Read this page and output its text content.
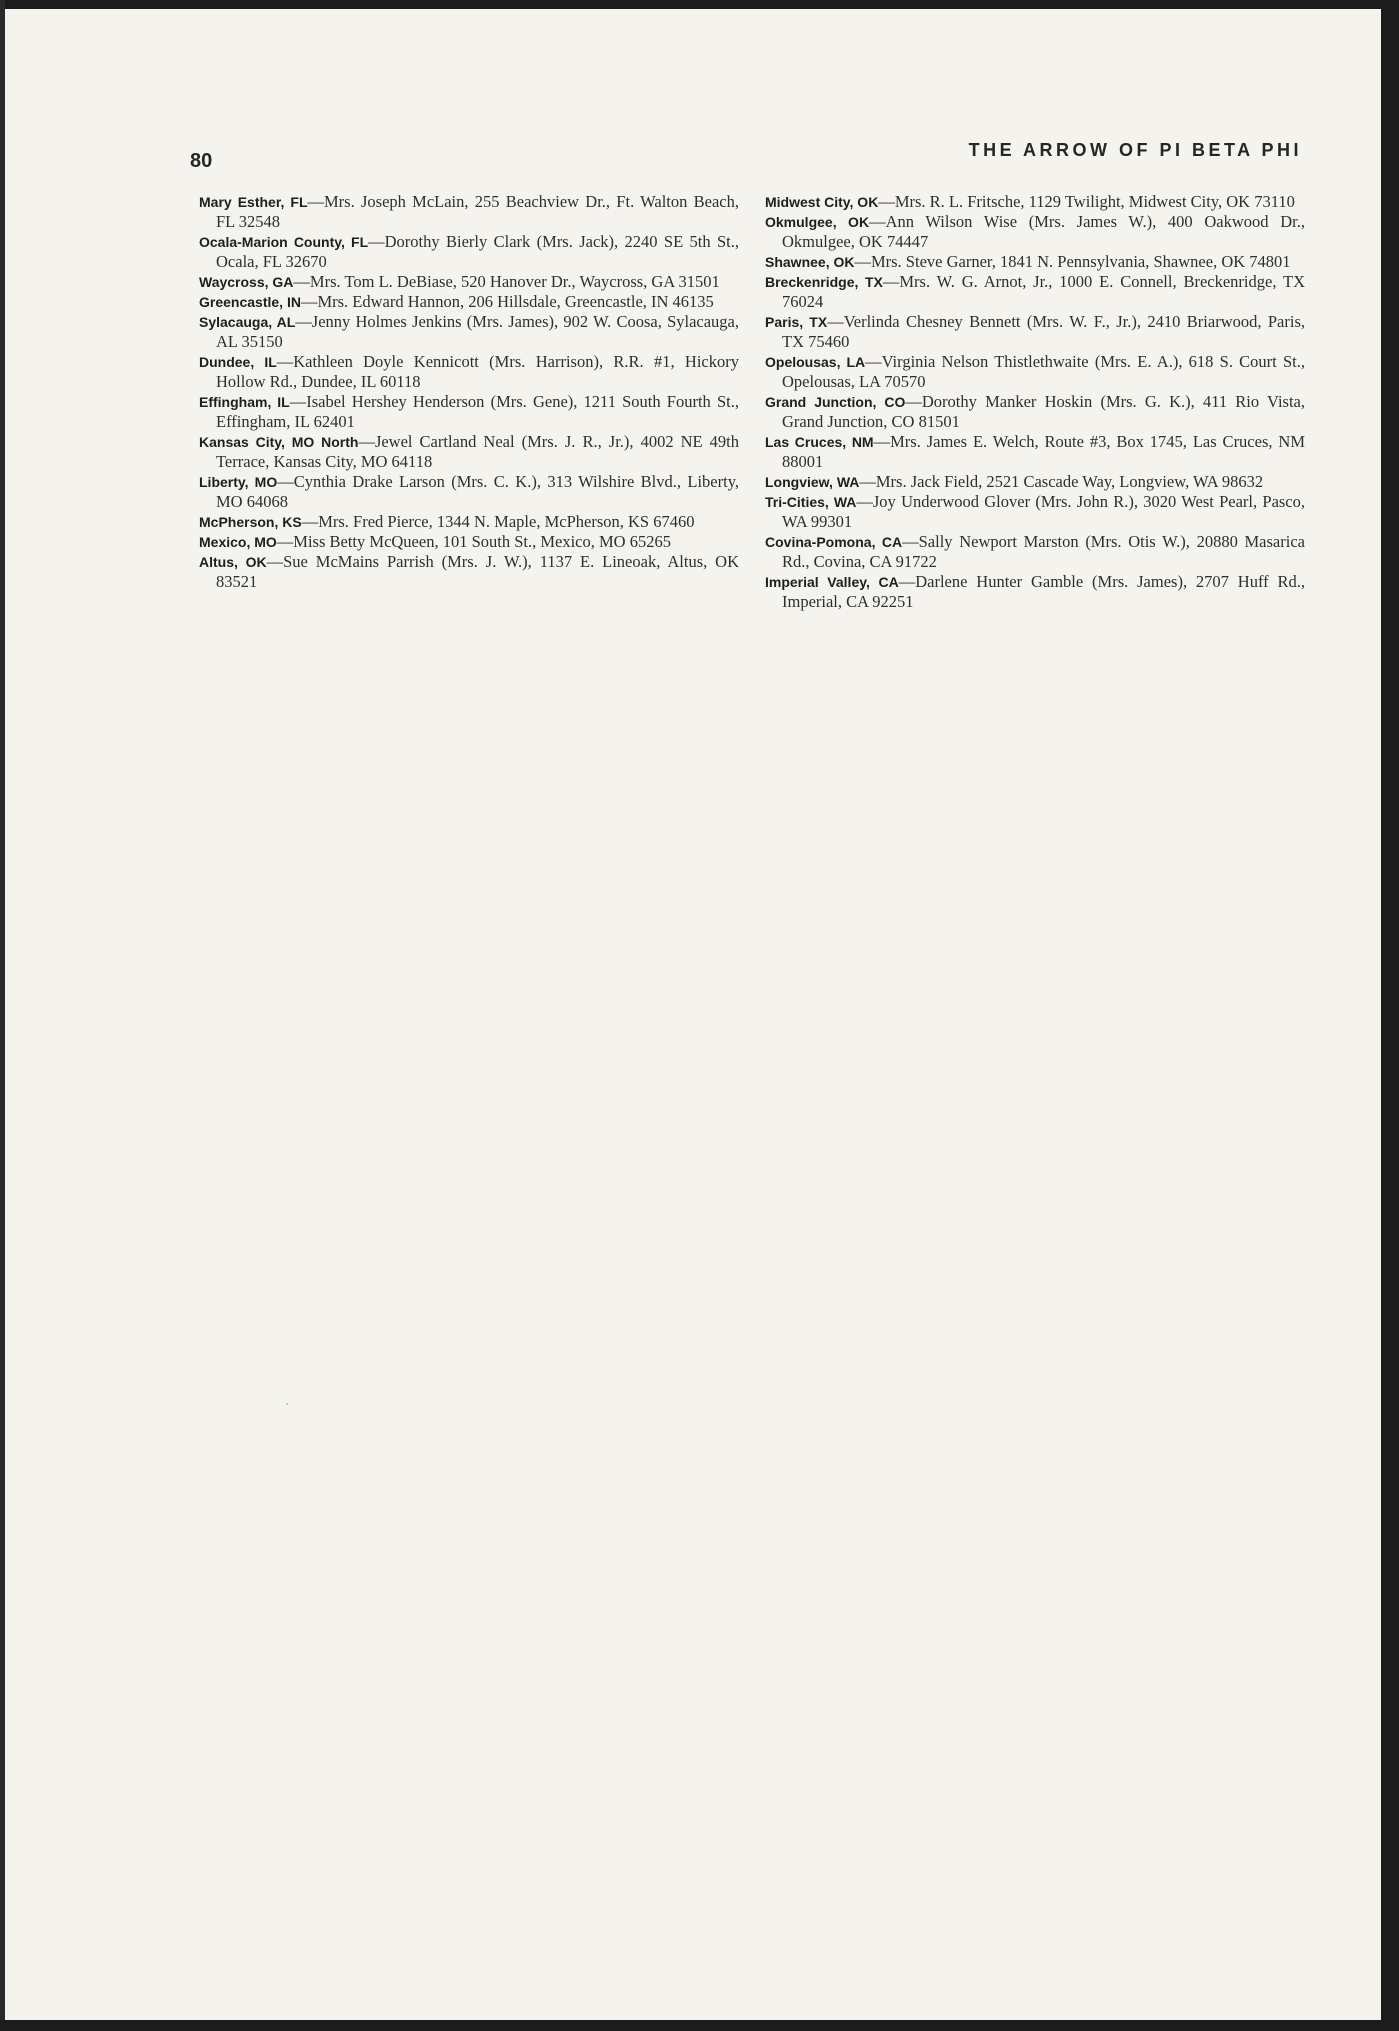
80	THE ARROW OF PI BETA PHI

Mary Esther, FL—Mrs. Joseph McLain, 255 Beachview Dr., Ft. Walton Beach, FL 32548

Ocala-Marion County, FL—Dorothy Bierly Clark (Mrs. Jack), 2240 SE 5th St., Ocala, FL 32670

Waycross, GA—Mrs. Tom L. DeBiase, 520 Hanover Dr., Waycross, GA 31501

Greencastle, IN—Mrs. Edward Hannon, 206 Hillsdale, Greencastle, IN 46135

Sylacauga, AL—Jenny Holmes Jenkins (Mrs. James), 902 W. Coosa, Sylacauga, AL 35150

Dundee, IL—Kathleen Doyle Kennicott (Mrs. Harrison), R.R. #1, Hickory Hollow Rd., Dundee, IL 60118

Effingham, IL—Isabel Hershey Henderson (Mrs. Gene), 1211 South Fourth St., Effingham, IL 62401

Kansas City, MO North—Jewel Cartland Neal (Mrs. J. R., Jr.), 4002 NE 49th Terrace, Kansas City, MO 64118

Liberty, MO—Cynthia Drake Larson (Mrs. C. K.), 313 Wilshire Blvd., Liberty, MO 64068

McPherson, KS—Mrs. Fred Pierce, 1344 N. Maple, McPherson, KS 67460

Mexico, MO—Miss Betty McQueen, 101 South St., Mexico, MO 65265

Altus, OK—Sue McMains Parrish (Mrs. J. W.), 1137 E. Lineoak, Altus, OK 83521

Midwest City, OK—Mrs. R. L. Fritsche, 1129 Twilight, Midwest City, OK 73110

Okmulgee, OK—Ann Wilson Wise (Mrs. James W.), 400 Oakwood Dr., Okmulgee, OK 74447

Shawnee, OK—Mrs. Steve Garner, 1841 N. Pennsylvania, Shawnee, OK 74801

Breckenridge, TX—Mrs. W. G. Arnot, Jr., 1000 E. Connell, Breckenridge, TX 76024

Paris, TX—Verlinda Chesney Bennett (Mrs. W. F., Jr.), 2410 Briarwood, Paris, TX 75460

Opelousas, LA—Virginia Nelson Thistlethwaite (Mrs. E. A.), 618 S. Court St., Opelousas, LA 70570

Grand Junction, CO—Dorothy Manker Hoskin (Mrs. G. K.), 411 Rio Vista, Grand Junction, CO 81501

Las Cruces, NM—Mrs. James E. Welch, Route #3, Box 1745, Las Cruces, NM 88001

Longview, WA—Mrs. Jack Field, 2521 Cascade Way, Longview, WA 98632

Tri-Cities, WA—Joy Underwood Glover (Mrs. John R.), 3020 West Pearl, Pasco, WA 99301

Covina-Pomona, CA—Sally Newport Marston (Mrs. Otis W.), 20880 Masarica Rd., Covina, CA 91722

Imperial Valley, CA—Darlene Hunter Gamble (Mrs. James), 2707 Huff Rd., Imperial, CA 92251
